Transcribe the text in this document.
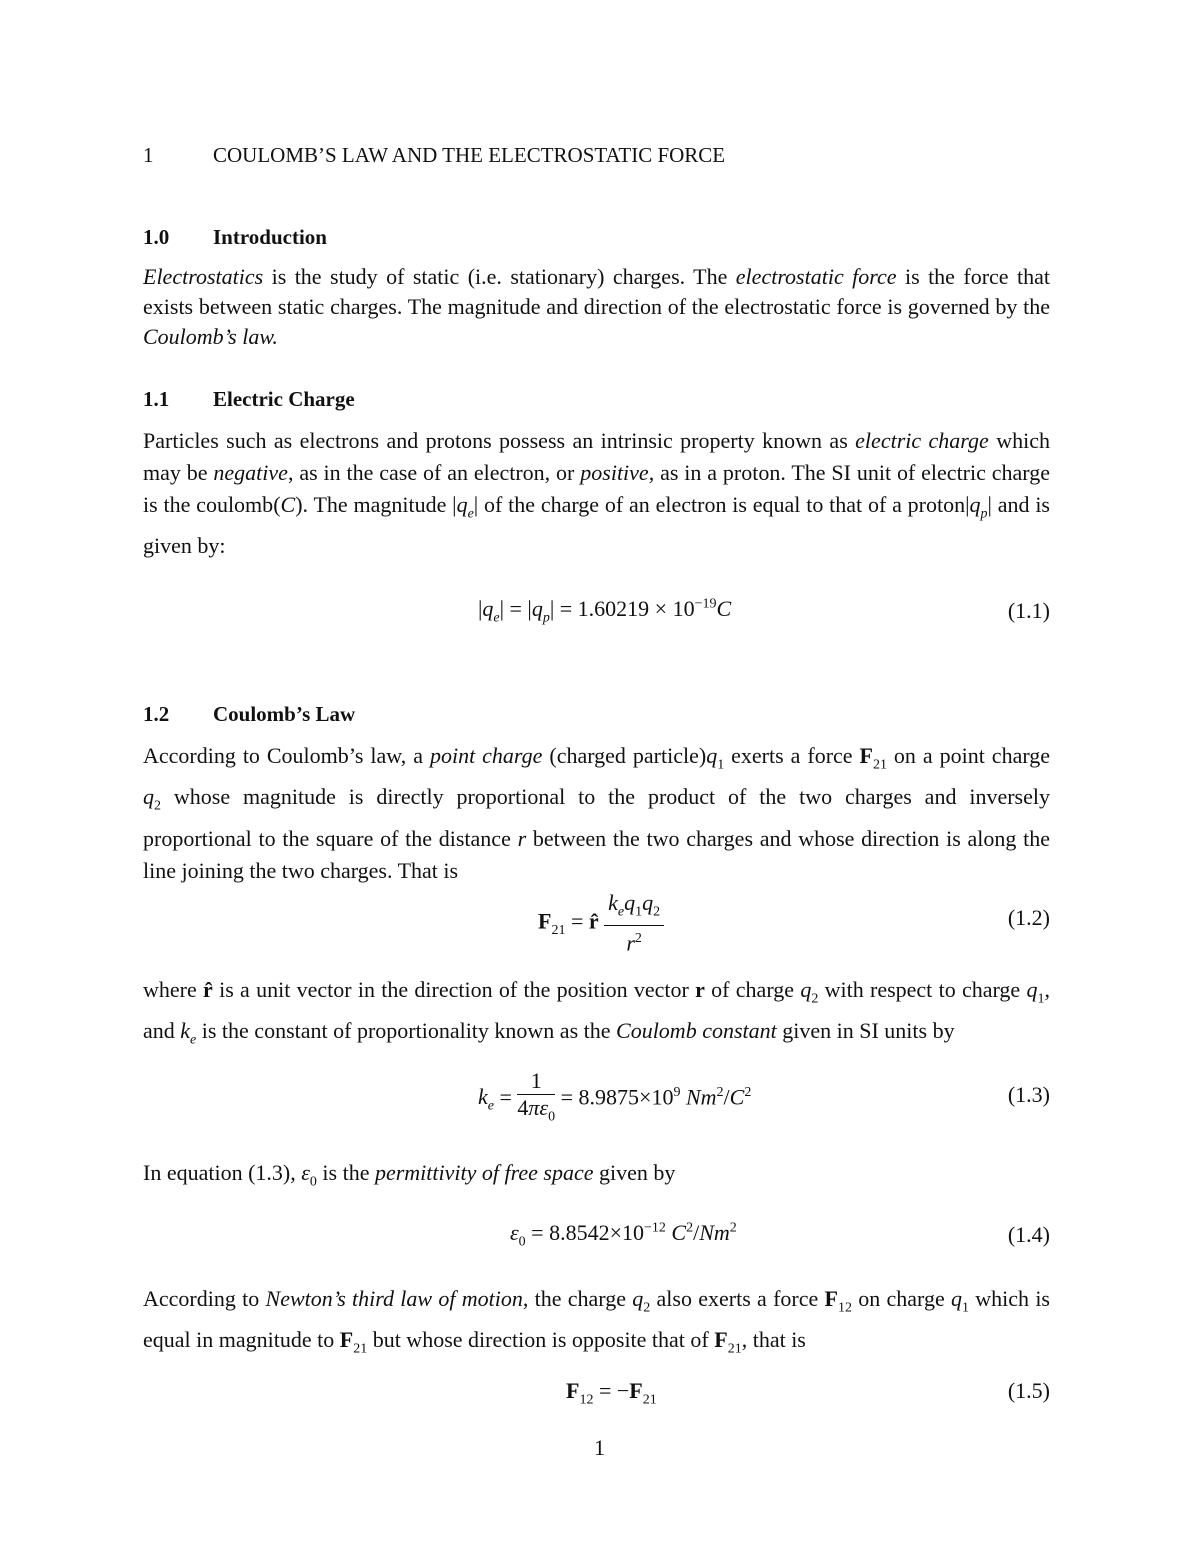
1	COULOMB’S LAW AND THE ELECTROSTATIC FORCE
1.0 Introduction
Electrostatics is the study of static (i.e. stationary) charges. The electrostatic force is the force that exists between static charges. The magnitude and direction of the electrostatic force is governed by the Coulomb’s law.
1.1 Electric Charge
Particles such as electrons and protons possess an intrinsic property known as electric charge which may be negative, as in the case of an electron, or positive, as in a proton. The SI unit of electric charge is the coulomb(C). The magnitude $|q_e|$ of the charge of an electron is equal to that of a $proton|q_p|$ and is given by:
$|q_e| = |q_p| = 1.60219 \times 10^{-19}C$	(1.1)
1.2 Coulomb’s Law
According to Coulomb’s law, a point charge (charged $particle)q_1$ exerts a force $F_{21}$ on a point charge $q_2$ whose magnitude is directly proportional to the product of the two charges and inversely proportional to the square of the distance r between the two charges and whose direction is along the line joining the two charges. That is
$F_{21}$ = r̂ $\frac{k_eq_1q_2}{r^2}$	(1.2)
where r̂ is a unit vector in the direction of the position vector r of charge $q_2$ with respect to charge $q_1$, and $k_e$ is the constant of proportionality known as the Coulomb constant given in SI units by
$k_e = \frac{1}{4\pi\varepsilon_0} = 8.9875\times 10^9$ $Nm^2/C^2$	(1.3)
In equation (1.3), $\varepsilon_0$ is the permittivity of free space given by
$\varepsilon_0 = 8.8542\times 10^{-12}$ $C^2/Nm^2$	(1.4)
According to Newton’s third law of motion, the charge $q_2$ also exerts a force $F_{12}$ on charge $q_1$ which is equal in magnitude to $F_{21}$ but whose direction is opposite that of $F_{21}$, that is
$F_{12} = -F_{21}$	(1.5)
1
